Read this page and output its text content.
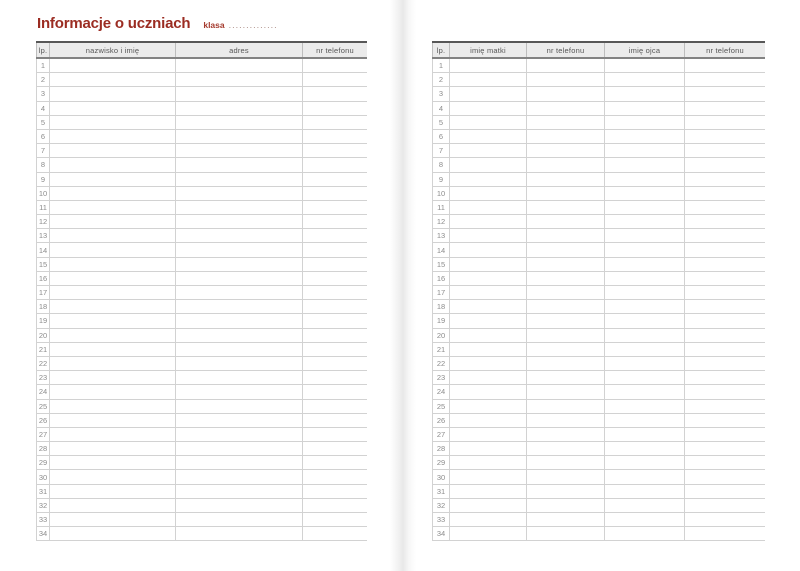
Informacje o uczniach klasa ..............
lp.	nazwisko i imię	adres	nr telefonu
1
2
3
4
5
6
7
8
9
10
11
12
13
14
15
16
17
18
19
20
21
22
23
24
25
26
27
28
29
30
31
32
33
34
lp.	imię matki	nr telefonu	imię ojca	nr telefonu
1
2
3
4
5
6
7
8
9
10
11
12
13
14
15
16
17
18
19
20
21
22
23
24
25
26
27
28
29
30
31
32
33
34
